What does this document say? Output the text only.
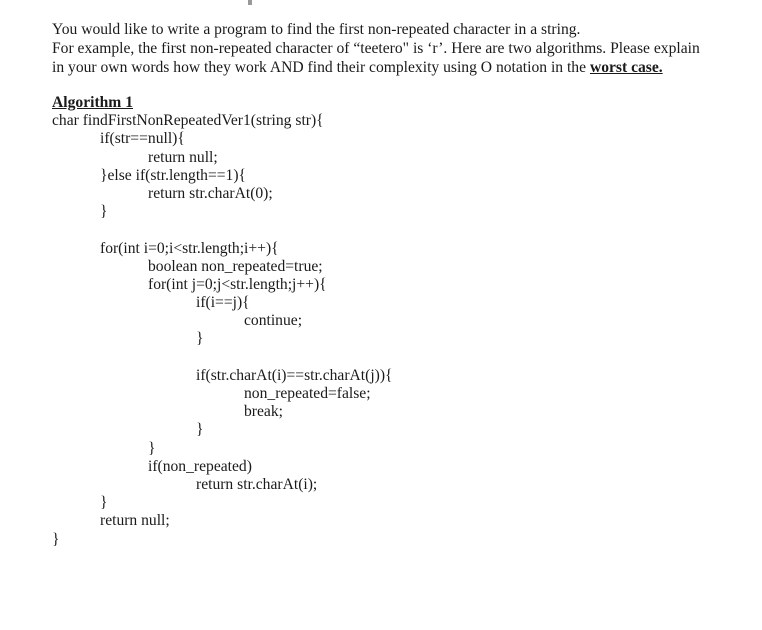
You would like to write a program to find the first non-repeated character in a string.
For example, the first non-repeated character of “teetero" is ‘r’. Here are two algorithms. Please explain
in your own words how they work AND find their complexity using O notation in the worst case.
Algorithm 1
char findFirstNonRepeatedVer1(string str){
if(str==null){
return null;
}else if(str.length==1){
return str.charAt(0);
}
for(int i=0;i<str.length;i++){
boolean non_repeated=true;
for(int j=0;j<str.length;j++){
if(i==j){
continue;
}
if(str.charAt(i)==str.charAt(j)){
non_repeated=false;
break;
}
}
if(non_repeated)
return str.charAt(i);
}
return null;
}
